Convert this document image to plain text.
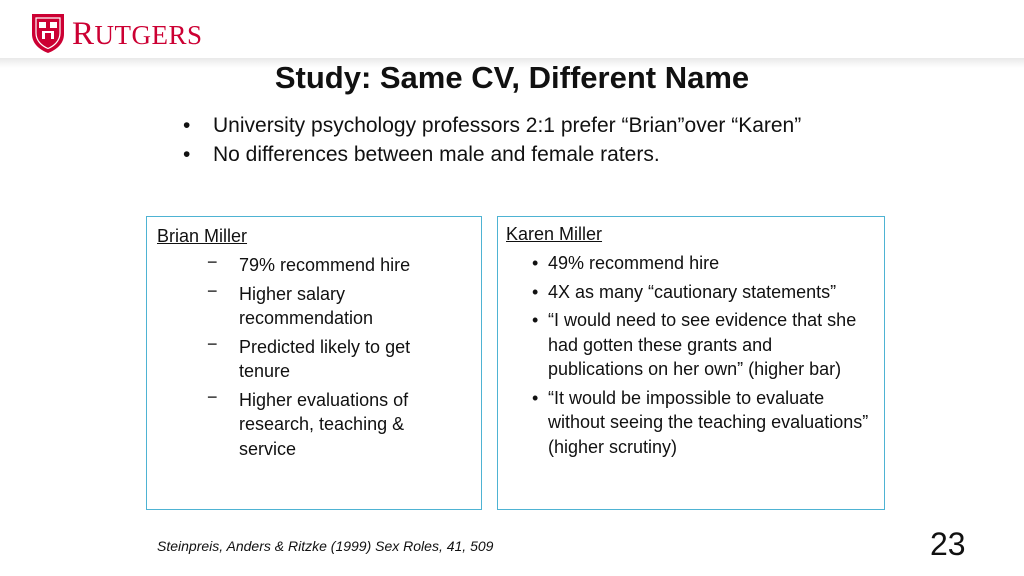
RUTGERS
Study: Same CV, Different Name
• University psychology professors 2:1 prefer “Brian”over “Karen”
• No differences between male and female raters.
Brian Miller
− 79% recommend hire
− Higher salary recommendation
− Predicted likely to get tenure
− Higher evaluations of research, teaching & service
Karen Miller
• 49% recommend hire
• 4X as many “cautionary statements”
• “I would need to see evidence that she had gotten these grants and publications on her own” (higher bar)
• “It would be impossible to evaluate without seeing the teaching evaluations” (higher scrutiny)
Steinpreis, Anders & Ritzke (1999) Sex Roles, 41, 509	23
